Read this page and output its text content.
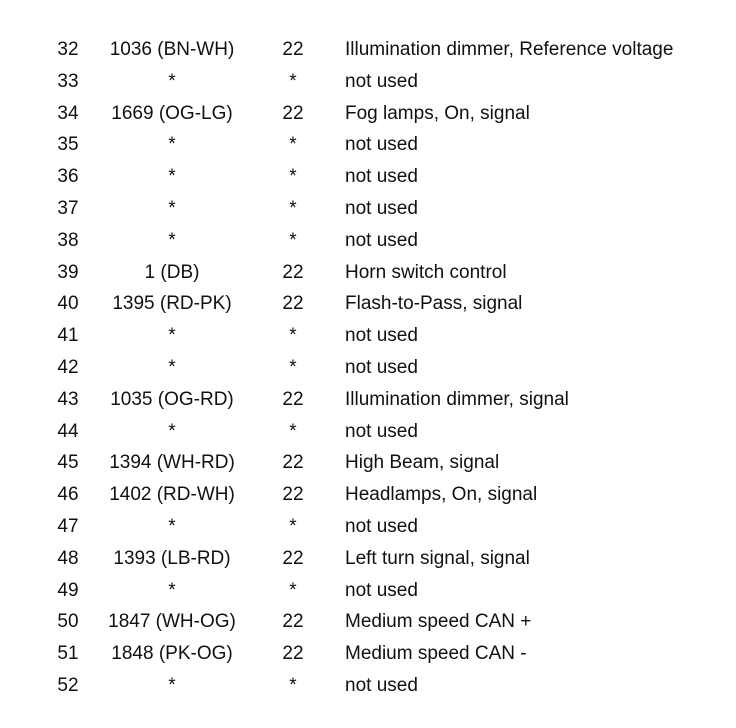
32	1036 (BN-WH)	22	Illumination dimmer, Reference voltage
33	*	*	not used
34	1669 (OG-LG)	22	Fog lamps, On, signal
35	*	*	not used
36	*	*	not used
37	*	*	not used
38	*	*	not used
39	1 (DB)	22	Horn switch control
40	1395 (RD-PK)	22	Flash-to-Pass, signal
41	*	*	not used
42	*	*	not used
43	1035 (OG-RD)	22	Illumination dimmer, signal
44	*	*	not used
45	1394 (WH-RD)	22	High Beam, signal
46	1402 (RD-WH)	22	Headlamps, On, signal
47	*	*	not used
48	1393 (LB-RD)	22	Left turn signal, signal
49	*	*	not used
50	1847 (WH-OG)	22	Medium speed CAN +
51	1848 (PK-OG)	22	Medium speed CAN -
52	*	*	not used
